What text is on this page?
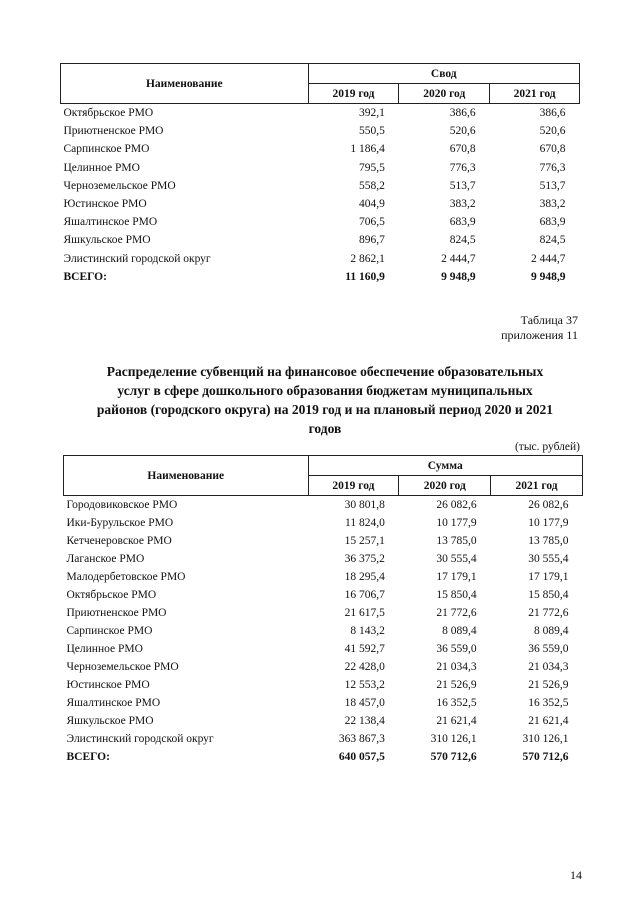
Наименование	Свод		
	2019 год	2020 год	2021 год
Октябрьское РМО	392,1	386,6	386,6
Приютненское РМО	550,5	520,6	520,6
Сарпинское РМО	1 186,4	670,8	670,8
Целинное РМО	795,5	776,3	776,3
Черноземельское РМО	558,2	513,7	513,7
Юстинское РМО	404,9	383,2	383,2
Яшалтинское РМО	706,5	683,9	683,9
Яшкульское РМО	896,7	824,5	824,5
Элистинский городской округ	2 862,1	2 444,7	2 444,7
ВСЕГО:	11 160,9	9 948,9	9 948,9
Таблица 37
приложения 11
Распределение субвенций на финансовое обеспечение образовательных
услуг в сфере дошкольного образования бюджетам муниципальных
районов (городского округа) на 2019 год и на плановый период 2020 и 2021
годов
(тыс. рублей)
Наименование	Сумма		
	2019 год	2020 год	2021 год
Городовиковское РМО	30 801,8	26 082,6	26 082,6
Ики-Бурульское РМО	11 824,0	10 177,9	10 177,9
Кетченеровское РМО	15 257,1	13 785,0	13 785,0
Лаганское РМО	36 375,2	30 555,4	30 555,4
Малодербетовское РМО	18 295,4	17 179,1	17 179,1
Октябрьское РМО	16 706,7	15 850,4	15 850,4
Приютненское РМО	21 617,5	21 772,6	21 772,6
Сарпинское РМО	8 143,2	8 089,4	8 089,4
Целинное РМО	41 592,7	36 559,0	36 559,0
Черноземельское РМО	22 428,0	21 034,3	21 034,3
Юстинское РМО	12 553,2	21 526,9	21 526,9
Яшалтинское РМО	18 457,0	16 352,5	16 352,5
Яшкульское РМО	22 138,4	21 621,4	21 621,4
Элистинский городской округ	363 867,3	310 126,1	310 126,1
ВСЕГО:	640 057,5	570 712,6	570 712,6
14
